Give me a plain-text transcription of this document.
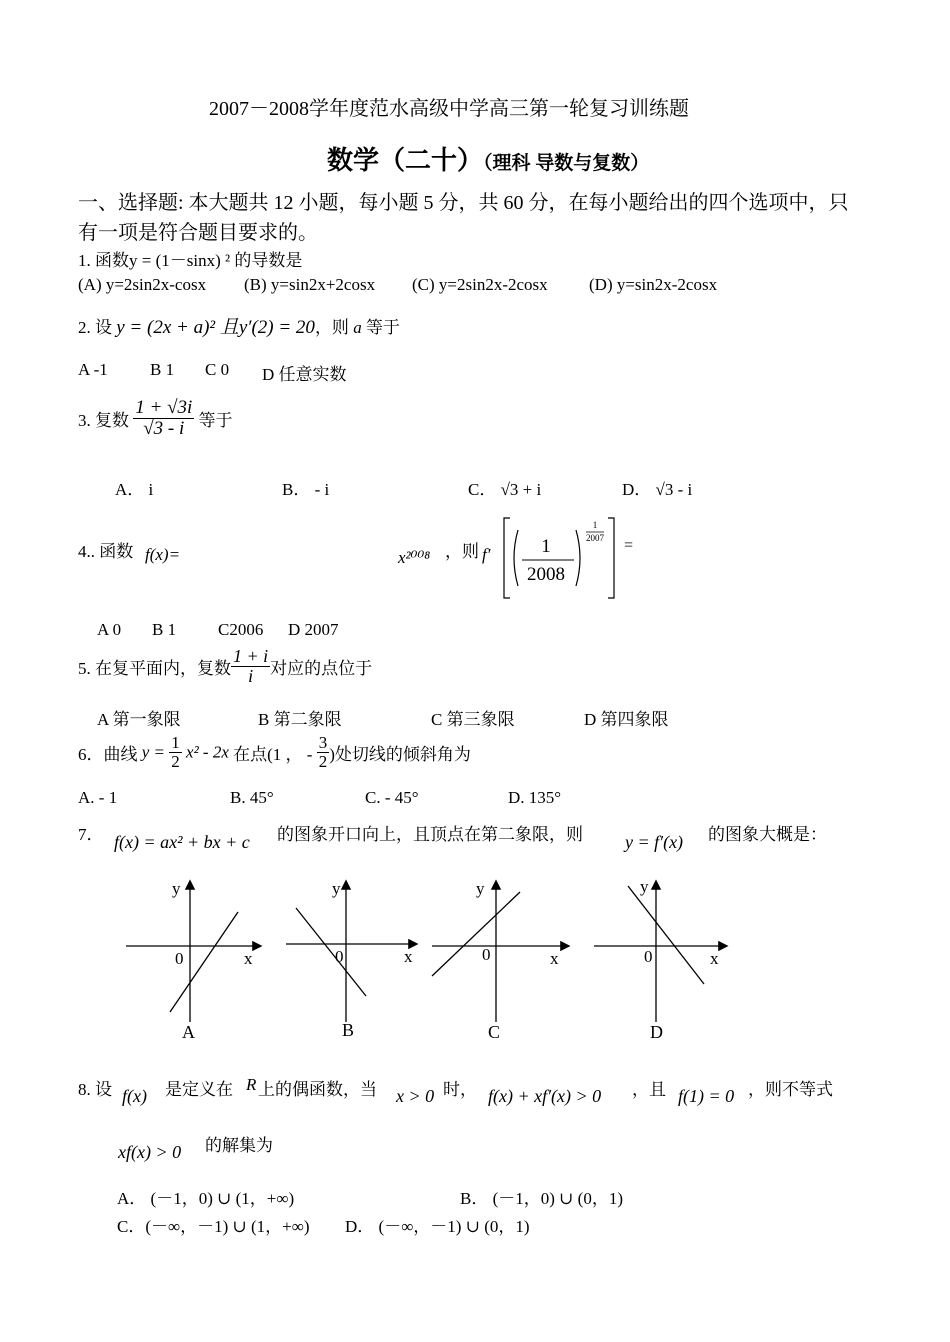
2007－2008学年度范水高级中学高三第一轮复习训练题
数学（二十）（理科 导数与复数）
一、选择题: 本大题共 12 小题，每小题 5 分，共 60 分，在每小题给出的四个选项中，只
有一项是符合题目要求的。
1. 函数y = (1－sinx) ² 的导数是
(A) y=2sin2x-cosx (B) y=sin2x+2cosx (C) y=2sin2x-2cosx (D) y=sin2x-2cosx
2. 设 y = (2x + a)² 且y′(2) = 20，则 a 等于
A -1 B 1 C 0 D 任意实数
3. 复数 $\frac{1 + √3i}{√3 - i}$ 等于
A． i	B． - i	C． √3 + i	D． √3 - i
4.. 函数 f(x)=	x²⁰⁰⁸ ，则 f′	1
2008
1
2007 =
A 0 B 1 C2006 D 2007
5. 在复平面内，复数 $\frac{1 + i}{i}$ 对应的点位于
A 第一象限	B 第二象限	C 第三象限	D 第四象限
6．曲线 $y = \frac{1}{2} x^2 - 2x$ 在点(1 ， - $\frac{3}{2}$ )处切线的倾斜角为
A. - 1	B. 45°	C. - 45°	D. 135°
7． f(x) = ax² + bx + c 的图象开口向上，且顶点在第二象限，则 y = f′(x) 的图象大概是：
y
x
0
A
y
x
0
B
y
x
0
C
y
x
0
D
8. 设 f(x) 是定义在 R 上的偶函数，当 x > 0 时， f(x) + xf′(x) > 0 ，且 f(1) = 0 ，则不等式
xf(x) > 0 的解集为
A． (－1，0) ∪ (1，+∞)	B． (－1，0) ∪ (0，1)
C．(－∞，－1) ∪ (1，+∞) D． (－∞，－1) ∪ (0，1)
